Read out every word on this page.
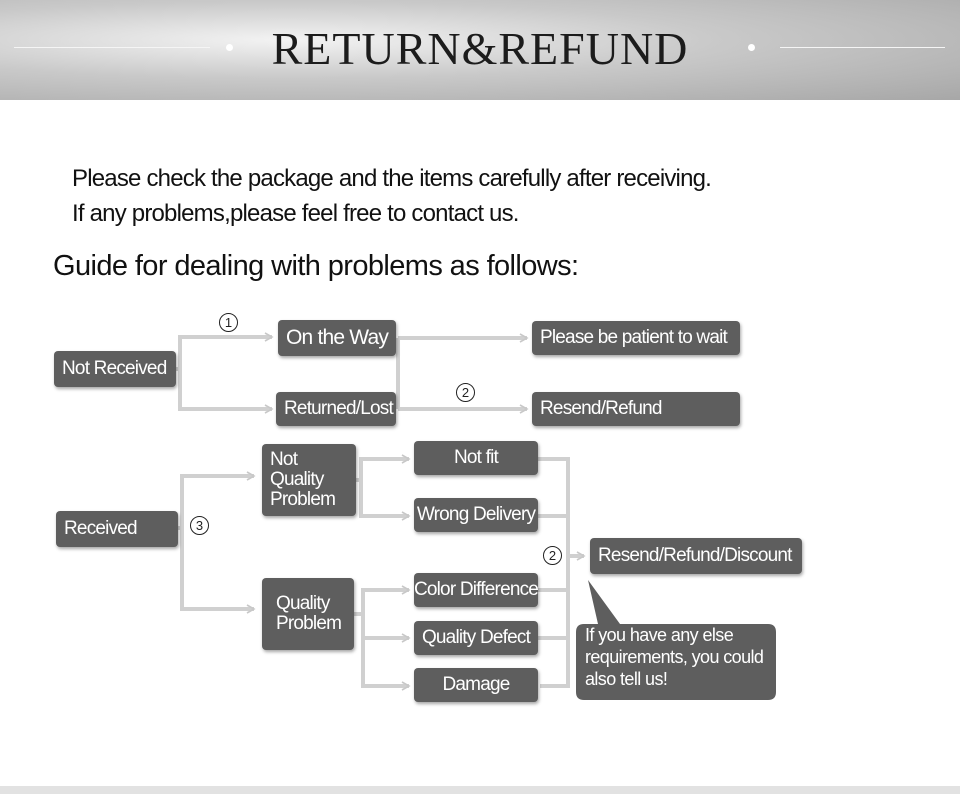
RETURN&REFUND
Please check the package and the items carefully after receiving.
If any problems,please feel free to contact us.
Guide for dealing with problems as follows:
1
2
3
2
Not Received
On the Way
Returned/Lost
Please be patient to wait
Resend/Refund
Received
Not
Quality
Problem
Quality
Problem
Not fit
Wrong Delivery
Color Difference
Quality Defect
Damage
Resend/Refund/Discount
If you have any else
requirements, you could
also tell us!
